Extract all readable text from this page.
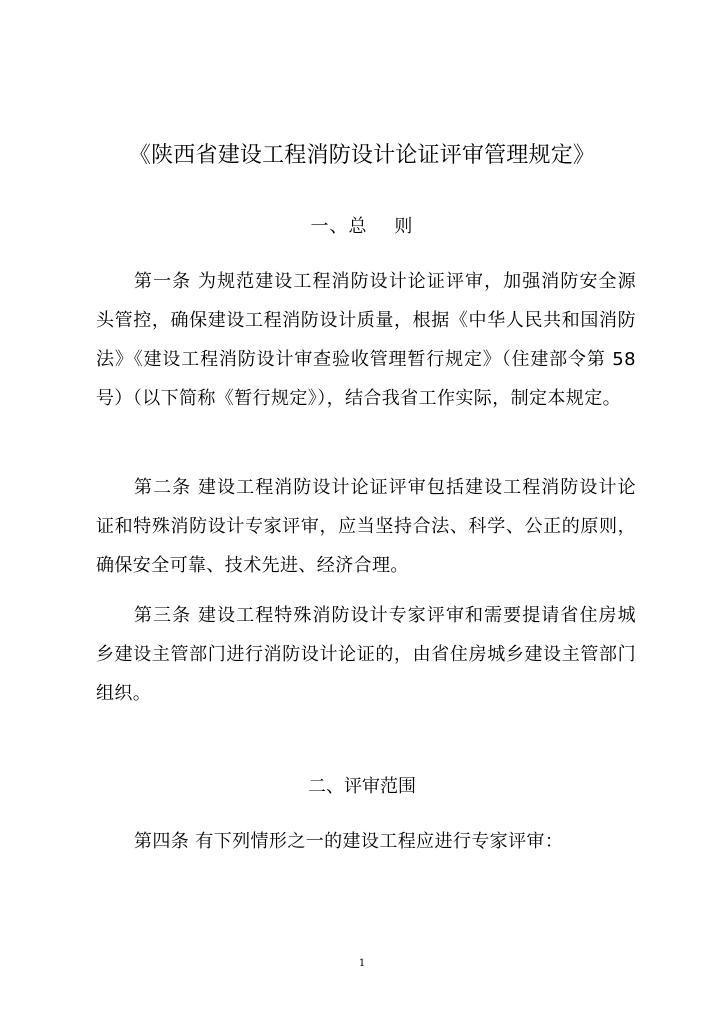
《陕西省建设工程消防设计论证评审管理规定》
一、总    则

第一条 为规范建设工程消防设计论证评审，加强消防安全源头管控，确保建设工程消防设计质量，根据《中华人民共和国消防法》《建设工程消防设计审查验收管理暂行规定》（住建部令第 58 号）（以下简称《暂行规定》），结合我省工作实际，制定本规定。

第二条 建设工程消防设计论证评审包括建设工程消防设计论证和特殊消防设计专家评审，应当坚持合法、科学、公正的原则，确保安全可靠、技术先进、经济合理。

第三条 建设工程特殊消防设计专家评审和需要提请省住房城乡建设主管部门进行消防设计论证的，由省住房城乡建设主管部门组织。

二、评审范围

第四条 有下列情形之一的建设工程应进行专家评审：

1
